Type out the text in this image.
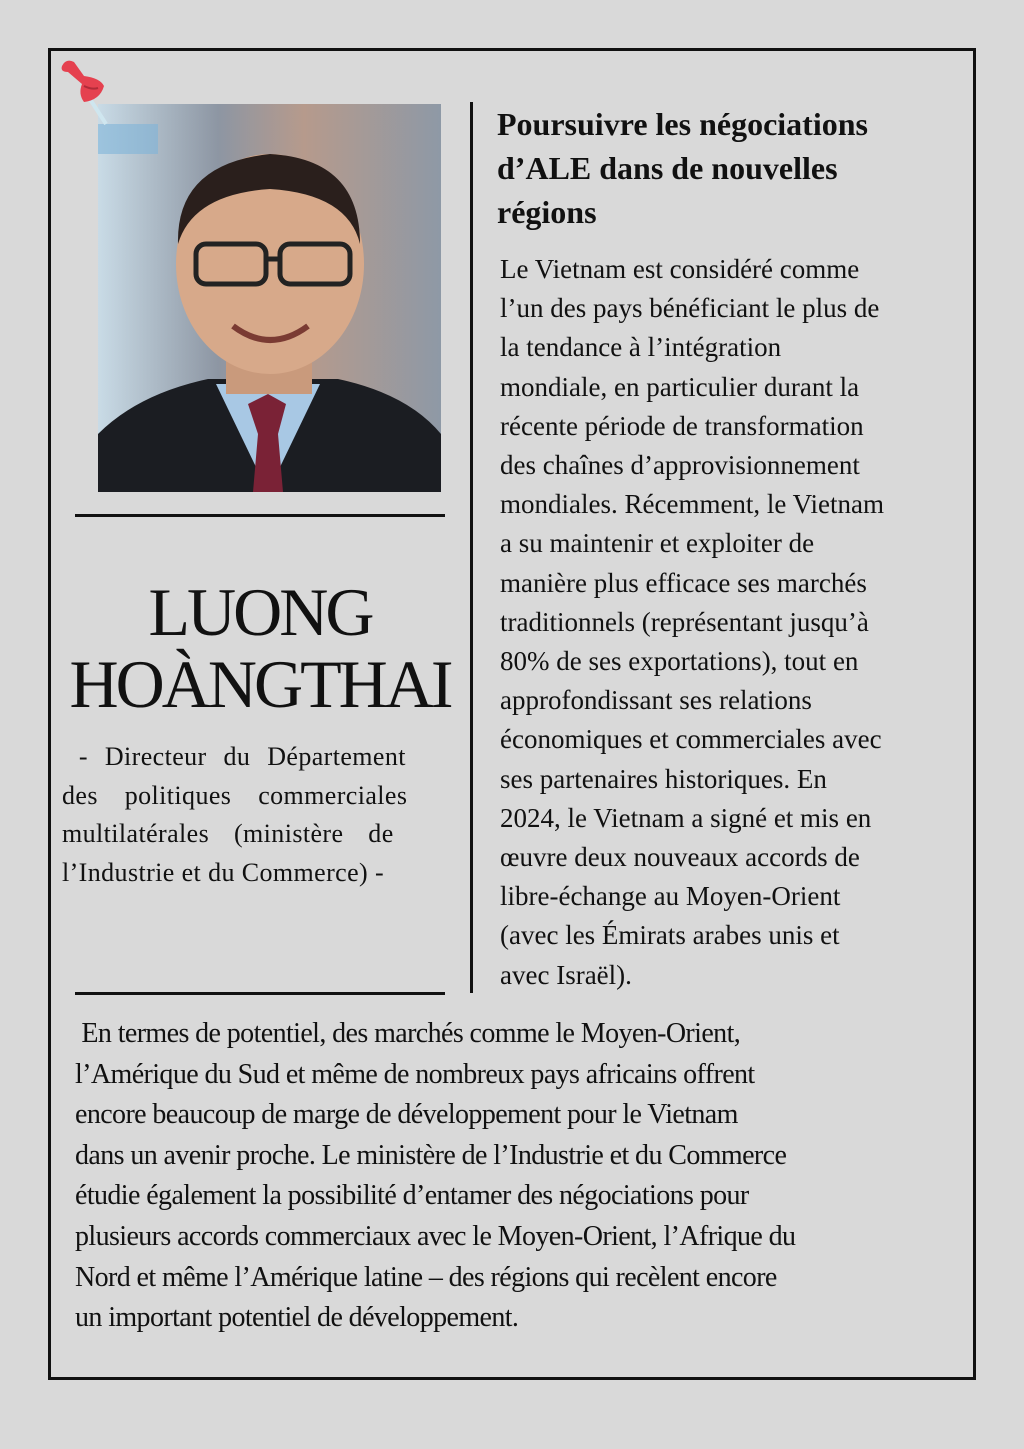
LUONG
HOÀNGTHAI
- Directeur du Département
des politiques commerciales
multilatérales (ministère de
l’Industrie et du Commerce) -
Poursuivre les négociations
d’ALE dans de nouvelles
régions
Le Vietnam est considéré comme
l’un des pays bénéficiant le plus de
la tendance à l’intégration
mondiale, en particulier durant la
récente période de transformation
des chaînes d’approvisionnement
mondiales. Récemment, le Vietnam
a su maintenir et exploiter de
manière plus efficace ses marchés
traditionnels (représentant jusqu’à
80% de ses exportations), tout en
approfondissant ses relations
économiques et commerciales avec
ses partenaires historiques. En
2024, le Vietnam a signé et mis en
œuvre deux nouveaux accords de
libre-échange au Moyen-Orient
(avec les Émirats arabes unis et
avec Israël).
En termes de potentiel, des marchés comme le Moyen-Orient,
l’Amérique du Sud et même de nombreux pays africains offrent
encore beaucoup de marge de développement pour le Vietnam
dans un avenir proche. Le ministère de l’Industrie et du Commerce
étudie également la possibilité d’entamer des négociations pour
plusieurs accords commerciaux avec le Moyen-Orient, l’Afrique du
Nord et même l’Amérique latine – des régions qui recèlent encore
un important potentiel de développement.
